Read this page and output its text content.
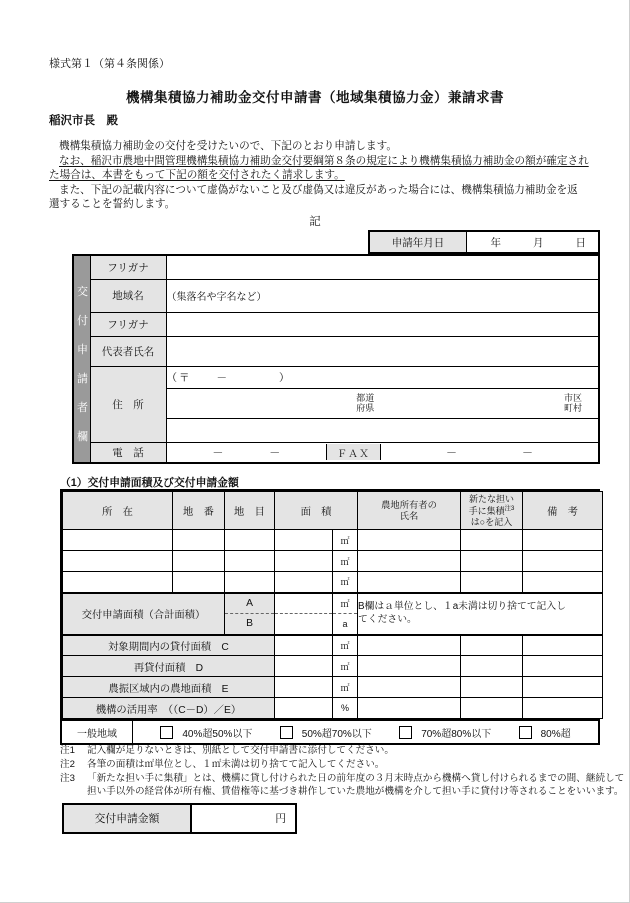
様式第１（第４条関係）
機構集積協力補助金交付申請書（地域集積協力金）兼請求書
稲沢市長　殿
機構集積協力補助金の交付を受けたいので、下記のとおり申請します。
なお、稲沢市農地中間管理機構集積協力補助金交付要綱第８条の規定により機構集積協力補助金の額が確定され
た場合は、本書をもって下記の額を交付されたく請求します。
また、下記の記載内容について虚偽がないこと及び虚偽又は違反があった場合には、機構集積協力補助金を返
還することを誓約します。
記
申請年月日	年	月	日
交付申請者欄	フリガナ	
	地域名	（集落名や字名など）
	フリガナ	
	代表者氏名	
	住　所	（〒　　－　　　　）

		都道
府県
市区
町村

	電　話	－ － ＦＡＸ － －
（1）交付申請面積及び交付申請金額
所　在	地　番	地　目	面　積		農地所有者の
氏名	新たな担い
手に集積$^{注3}$
は○を記入	備　考
				㎡			
				㎡			
				㎡			
交付申請面積（合計面積）		A		㎡	B欄はａ単位とし、１a未満は切り捨てて記入し
てください。		
		B		a			
対象期間内の貸付面積　C				㎡			
再貸付面積　D				㎡			
農振区域内の農地面積　E				㎡			
機構の活用率　（（C－D）／E）				%			
一般地域	40%超50%以下	50%超70%以下	70%超80%以下	80%超
注1	記入欄が足りないときは、別紙として交付申請書に添付してください。
注2	各筆の面積は㎡単位とし、１㎡未満は切り捨てて記入してください。
注3	「新たな担い手に集積」とは、機構に貸し付けられた日の前年度の３月末時点から機構へ貸し付けられるまでの間、継続して
担い手以外の経営体が所有権、賃借権等に基づき耕作していた農地が機構を介して担い手に貸付け等されることをいいます。
交付申請金額	円
